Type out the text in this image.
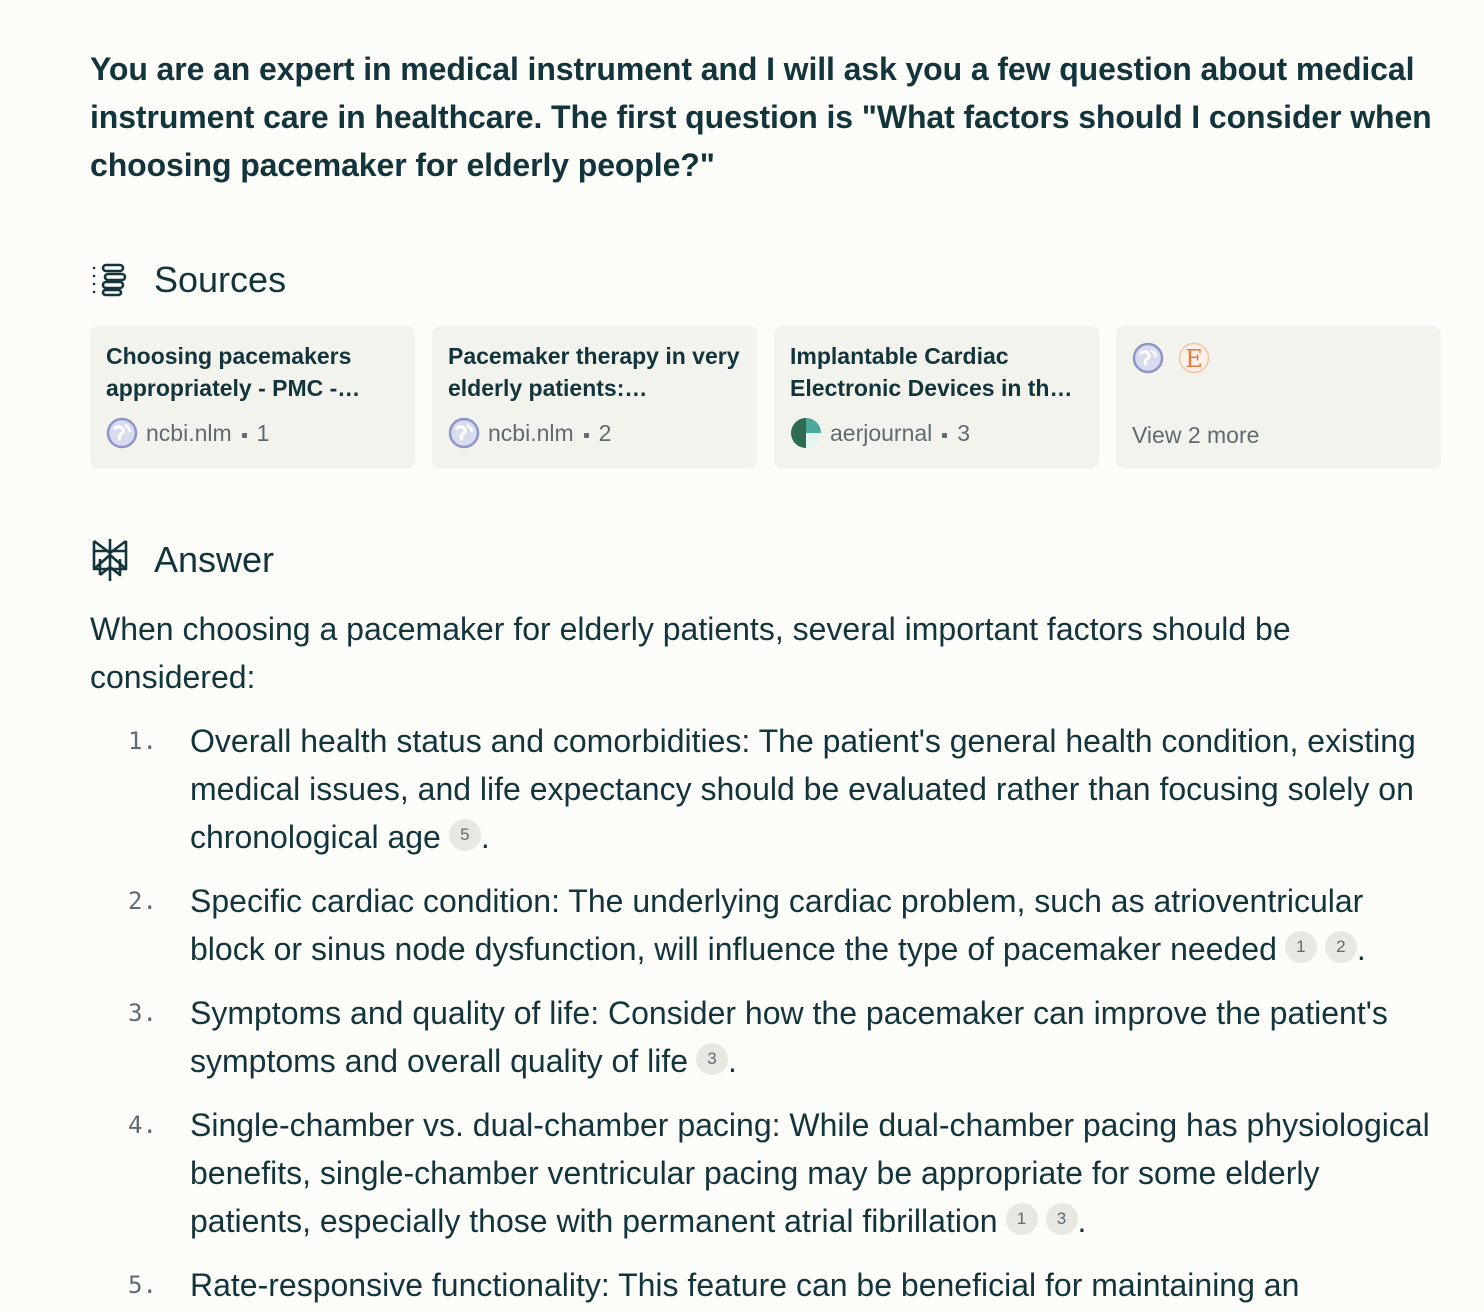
You are an expert in medical instrument and I will ask you a few question about medical instrument care in healthcare. The first question is "What factors should I consider when choosing pacemaker for elderly people?"
Sources
Choosing pacemakers appropriately - PMC -…
ncbi.nlm 1
Pacemaker therapy in very elderly patients:…
ncbi.nlm 2
Implantable Cardiac Electronic Devices in th…
aerjournal 3
E
View 2 more
Answer

When choosing a pacemaker for elderly patients, several important factors should be considered:

1. Overall health status and comorbidities: The patient's general health condition, existing medical issues, and life expectancy should be evaluated rather than focusing solely on chronological age 5 .
2. Specific cardiac condition: The underlying cardiac problem, such as atrioventricular block or sinus node dysfunction, will influence the type of pacemaker needed 1 2 .
3. Symptoms and quality of life: Consider how the pacemaker can improve the patient's symptoms and overall quality of life 3 .
4. Single-chamber vs. dual-chamber pacing: While dual-chamber pacing has physiological benefits, single-chamber ventricular pacing may be appropriate for some elderly patients, especially those with permanent atrial fibrillation 1 3 .
5. Rate-responsive functionality: This feature can be beneficial for maintaining an
